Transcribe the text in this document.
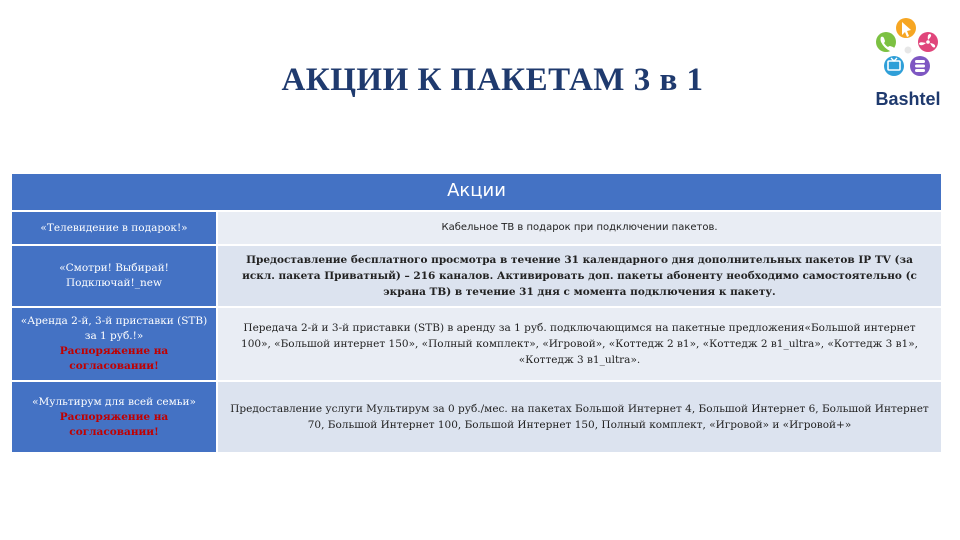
АКЦИИ К ПАКЕТАМ 3 в 1
Bashtel
Акции
«Телевидение в подарок!»	Кабельное ТВ в подарок при подключении пакетов.
«Смотри! Выбирай! Подключай!_new
Предоставление бесплатного просмотра в течение 31 календарного дня дополнительных пакетов IP TV (за искл. пакета Приватный) – 216 каналов. Активировать доп. пакеты абоненту необходимо самостоятельно (с экрана ТВ) в течение 31 дня с момента подключения к пакету.
«Аренда 2-й, 3-й приставки (STB) за 1 руб.!»
Распоряжение на согласовании!
Передача 2-й и 3-й приставки (STB) в аренду за 1 руб. подключающимся на пакетные предложения«Большой интернет 100», «Большой интернет 150», «Полный комплект», «Игровой», «Коттедж 2 в1», «Коттедж 2 в1_ultra», «Коттедж 3 в1», «Коттедж 3 в1_ultra».
«Мультирум для всей семьи»
Распоряжение на согласовании!
Предоставление услуги Мультирум за 0 руб./мес. на пакетах Большой Интернет 4, Большой Интернет 6, Большой Интернет 70, Большой Интернет 100, Большой Интернет 150, Полный комплект, «Игровой» и «Игровой+»
